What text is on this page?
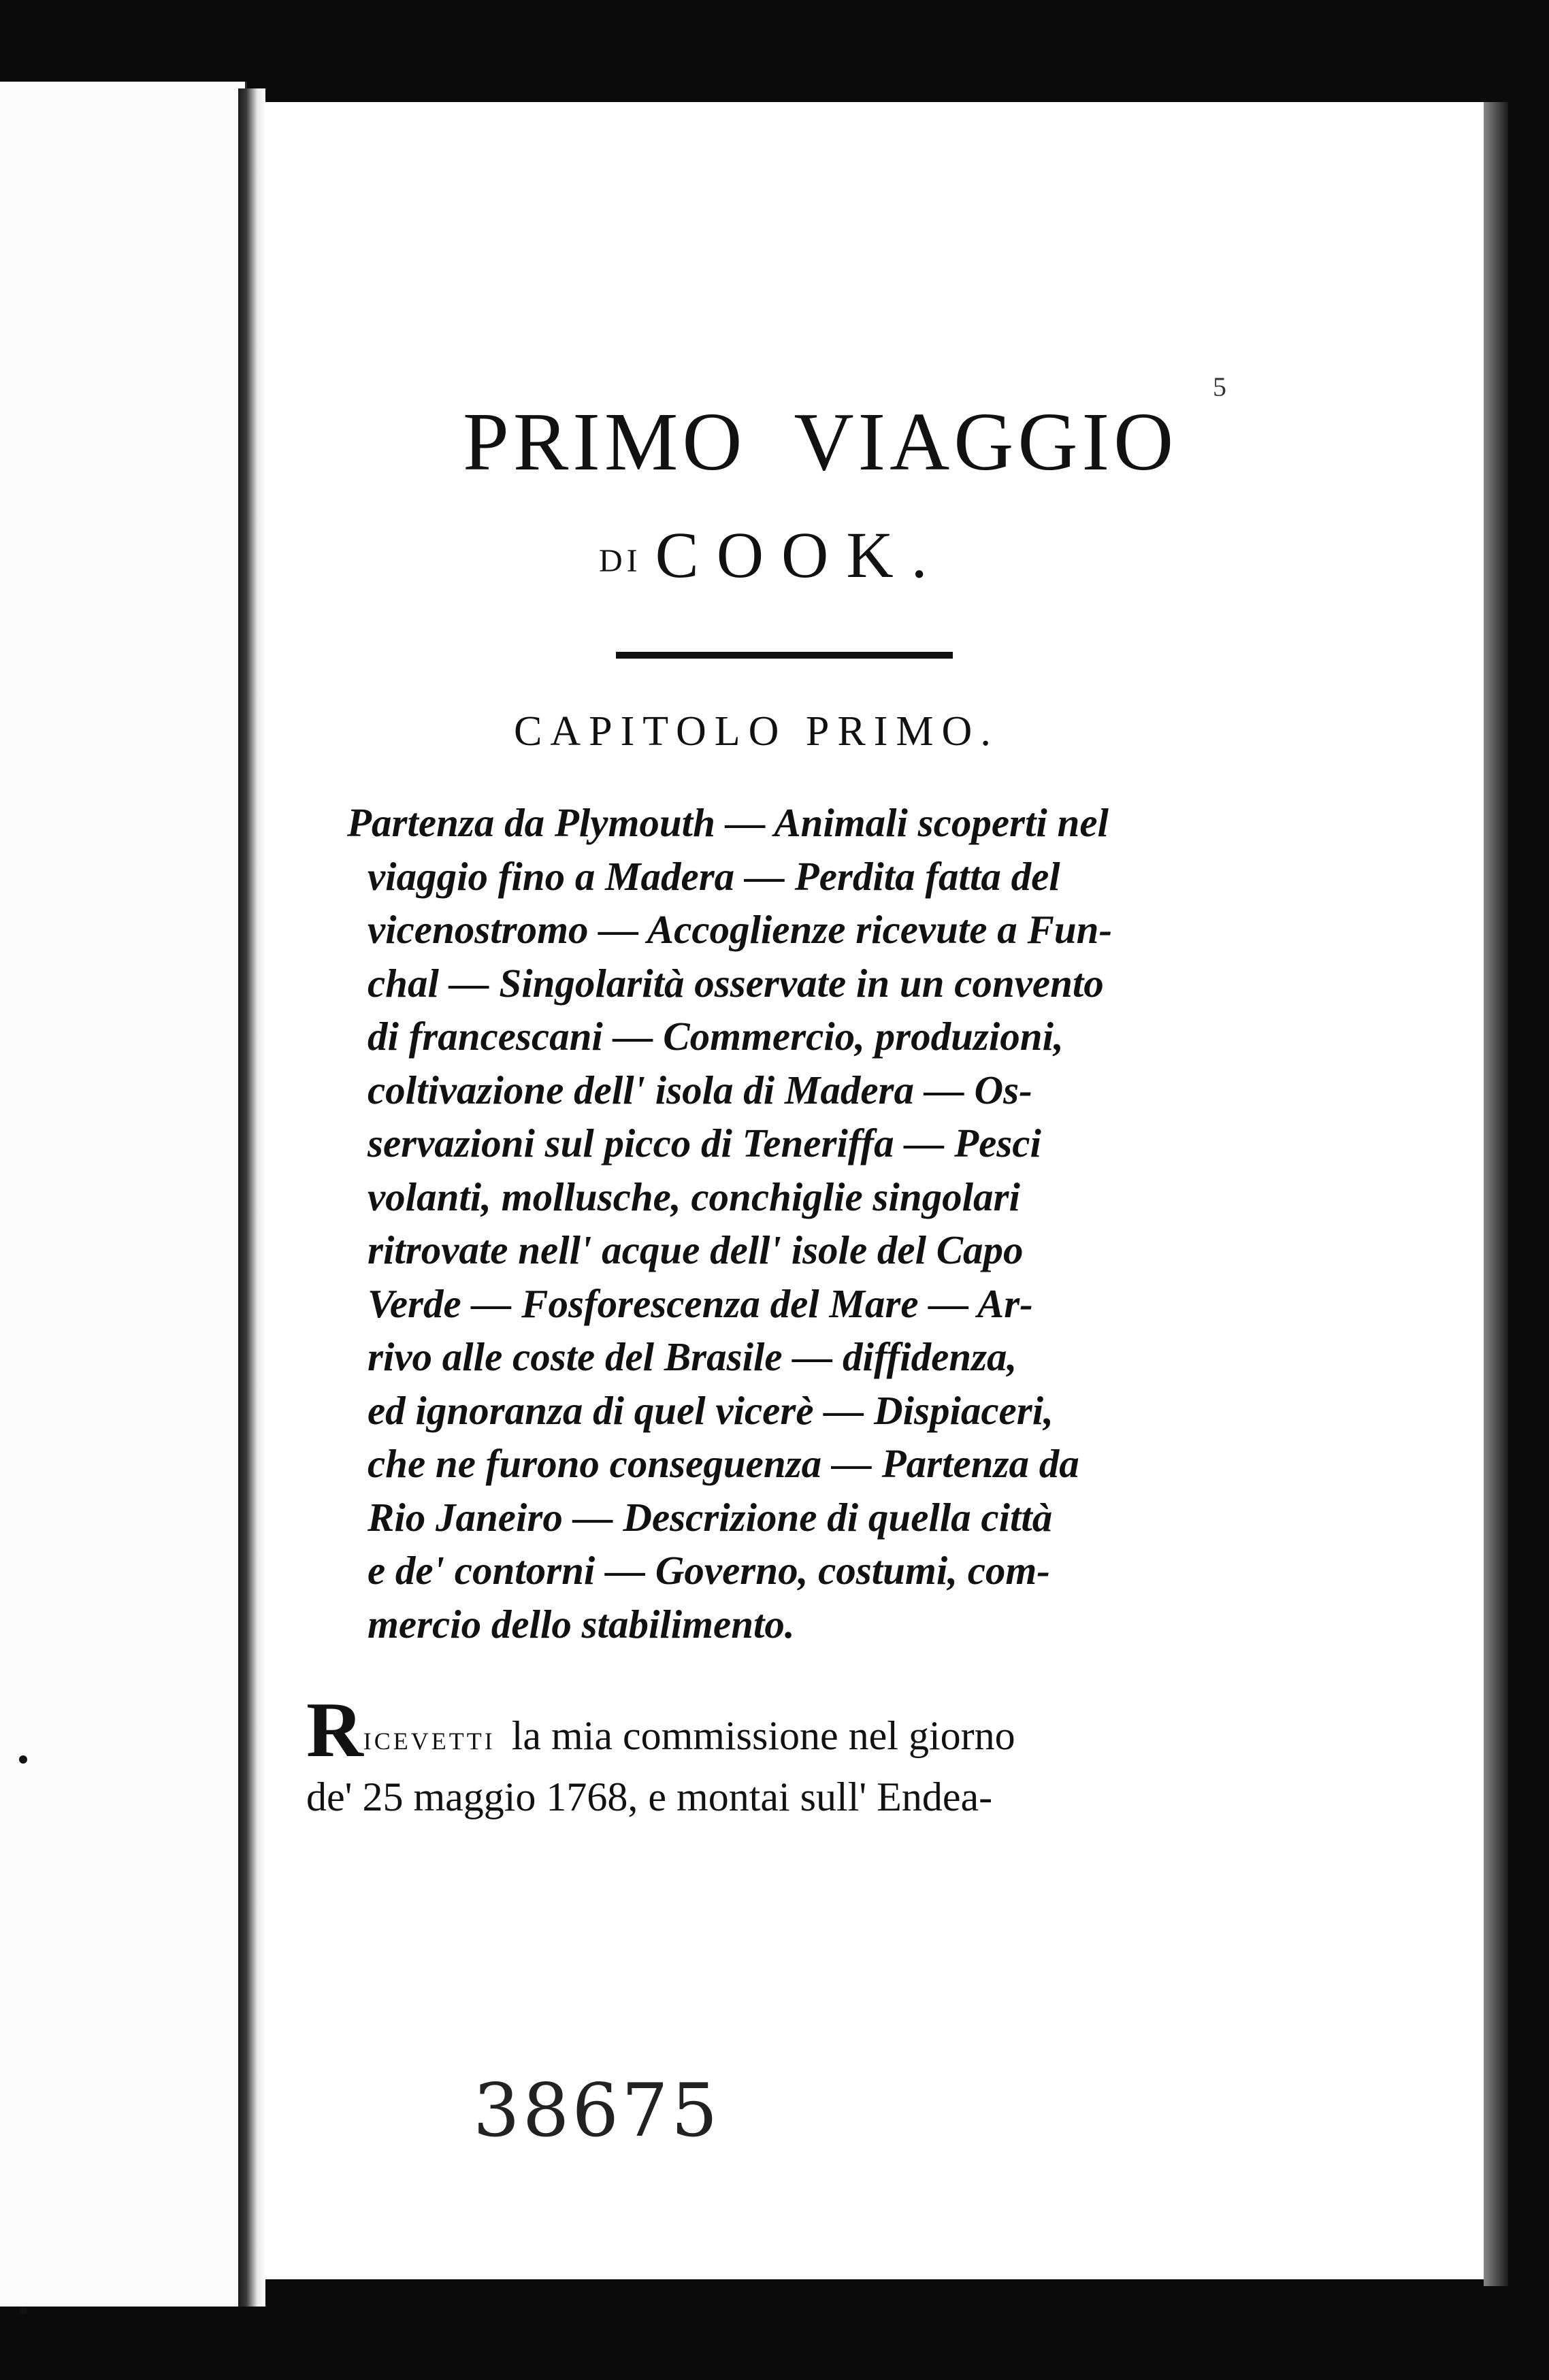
5
PRIMO VIAGGIO
DI COOK.
CAPITOLO PRIMO.
Partenza da Plymouth — Animali scoperti nel
viaggio fino a Madera — Perdita fatta del
vicenostromo — Accoglienze ricevute a Fun-
chal — Singolarità osservate in un convento
di francescani — Commercio, produzioni,
coltivazione dell' isola di Madera — Os-
servazioni sul picco di Teneriffa — Pesci
volanti, mollusche, conchiglie singolari
ritrovate nell' acque dell' isole del Capo
Verde — Fosforescenza del Mare — Ar-
rivo alle coste del Brasile — diffidenza,
ed ignoranza di quel vicerè — Dispiaceri,
che ne furono conseguenza — Partenza da
Rio Janeiro — Descrizione di quella città
e de' contorni — Governo, costumi, com-
mercio dello stabilimento.
RICEVETTI la mia commissione nel giorno
de' 25 maggio 1768, e montai sull' Endea-
38675
